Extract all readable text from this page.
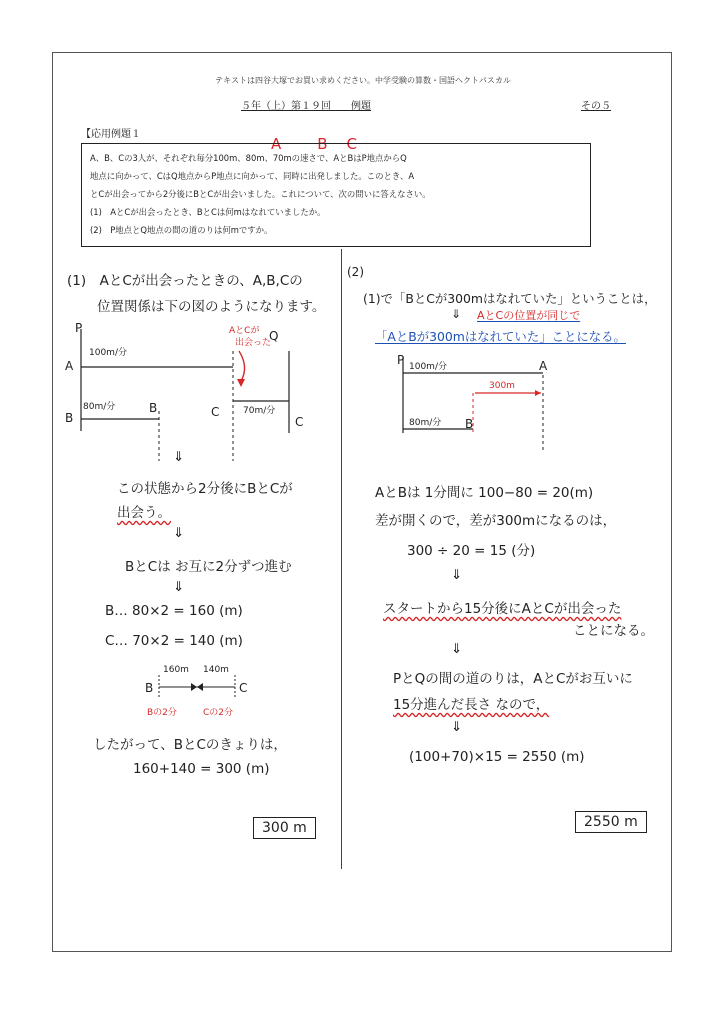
テキストは四谷大塚でお買い求めください。中学受験の算数・国語ヘクトパスカル
５年（上）第１９回　　例題	その５
【応用例題１
A　　B　C
A、B、Cの3人が、それぞれ毎分100m、80m、70mの速さで、AとBはP地点からQ
地点に向かって、CはQ地点からP地点に向かって、同時に出発しました。このとき、A
とCが出会ってから2分後にBとCが出会いました。これについて、次の問いに答えなさい。
(1)　AとCが出会ったとき、BとCは何mはなれていましたか。
(2)　P地点とQ地点の間の道のりは何mですか。
(1)　AとCが出会ったときの、A,B,Cの
位置関係は下の図のようになります。
P
Q
A
B
B	C
C
100m/分
80m/分	70m/分
AとCが
出会った
⇓
この状態から2分後にBとCが
出会う。
⇓
BとCは お互に2分ずつ進む
⇓
B… 80×2 = 160 (m)
C… 70×2 = 140 (m)
B	C
160m 140m
Bの2分	Cの2分
したがって、BとCのきょりは，
160+140 = 300 (m)
300 m
(2)
(1)で「BとCが300mはなれていた」ということは，
⇓ AとCの位置が同じで
「AとBが300mはなれていた」ことになる。
P	A
B
100m/分
80m/分
300m
AとBは 1分間に 100−80 = 20(m)
差が開くので，差が300mになるのは，
300 ÷ 20 = 15 (分)
⇓
スタートから15分後にAとCが出会った
ことになる。
⇓
PとQの間の道のりは，AとCがお互いに
15分進んだ長さ なので，
⇓
(100+70)×15 = 2550 (m)
2550 m
